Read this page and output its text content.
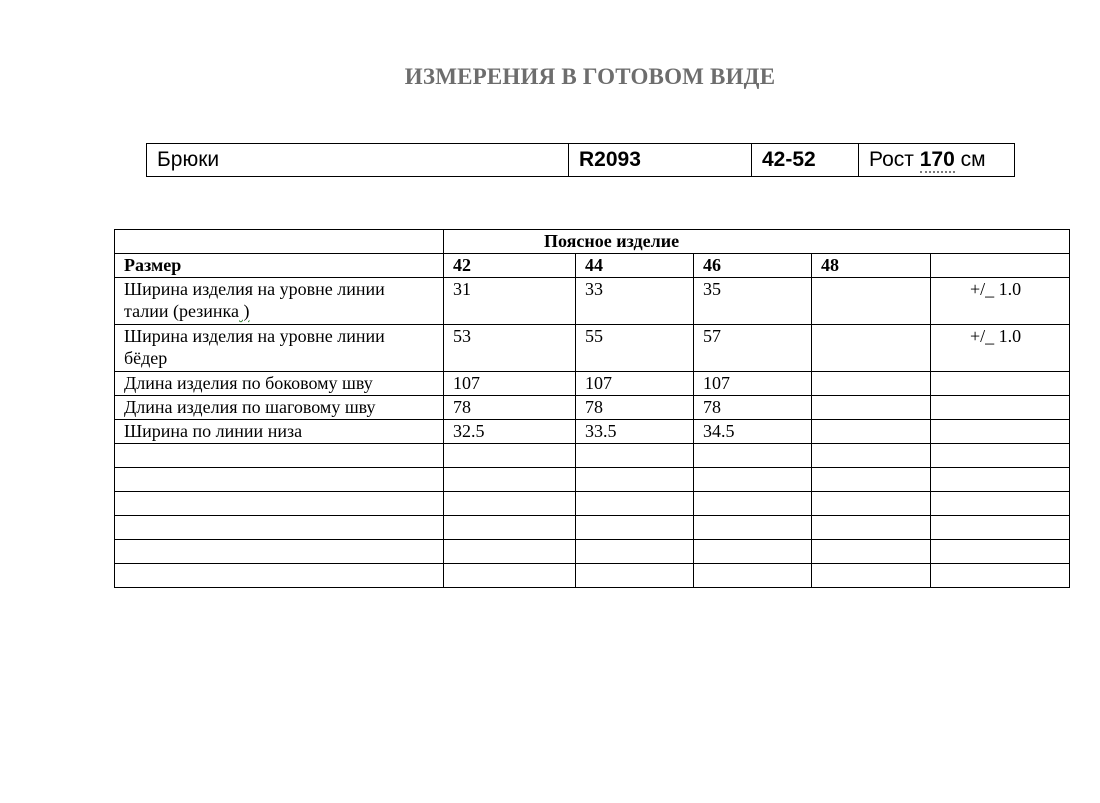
ИЗМЕРЕНИЯ В ГОТОВОМ ВИДЕ
Брюки	R2093	42-52	Рост 170 см
	Поясное изделие				
Размер	42	44	46	48	
Ширина изделия на уровне линии
талии (резинка )	31	33	35		+/_ 1.0
Ширина изделия на уровне линии
бёдер	53	55	57		+/_ 1.0
Длина изделия по боковому шву	107	107	107		
Длина изделия по шаговому шву	78	78	78		
Ширина по линии низа	32.5	33.5	34.5		
